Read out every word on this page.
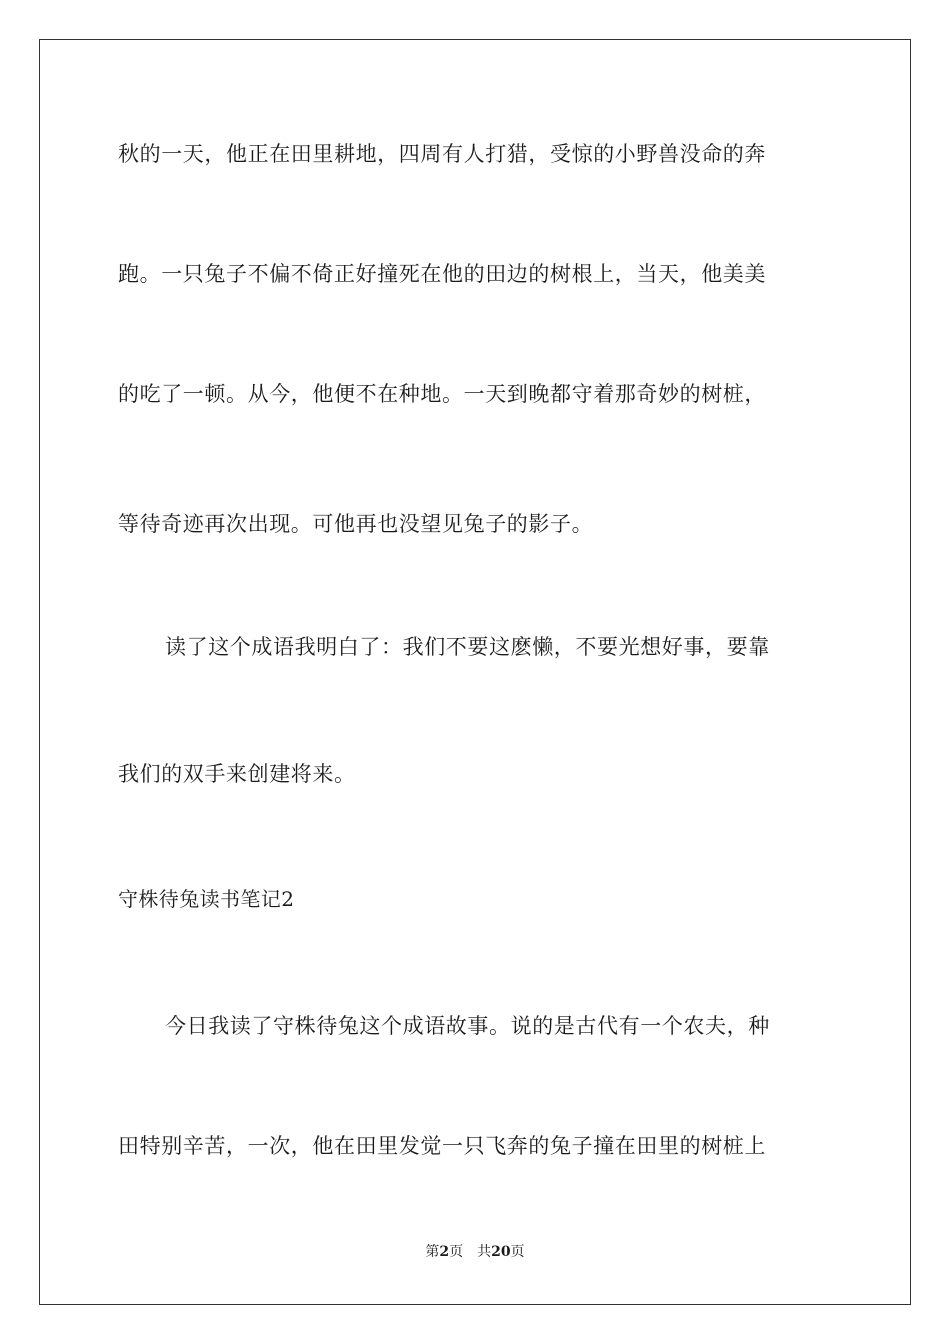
秋的一天，他正在田里耕地，四周有人打猎，受惊的小野兽没命的奔
跑。一只兔子不偏不倚正好撞死在他的田边的树根上，当天，他美美
的吃了一顿。从今，他便不在种地。一天到晚都守着那奇妙的树桩，
等待奇迹再次出现。可他再也没望见兔子的影子。
读了这个成语我明白了：我们不要这麽懒，不要光想好事，要靠
我们的双手来创建将来。
守株待兔读书笔记2
今日我读了守株待兔这个成语故事。说的是古代有一个农夫，种
田特别辛苦，一次，他在田里发觉一只飞奔的兔子撞在田里的树桩上
第2页 共20页
